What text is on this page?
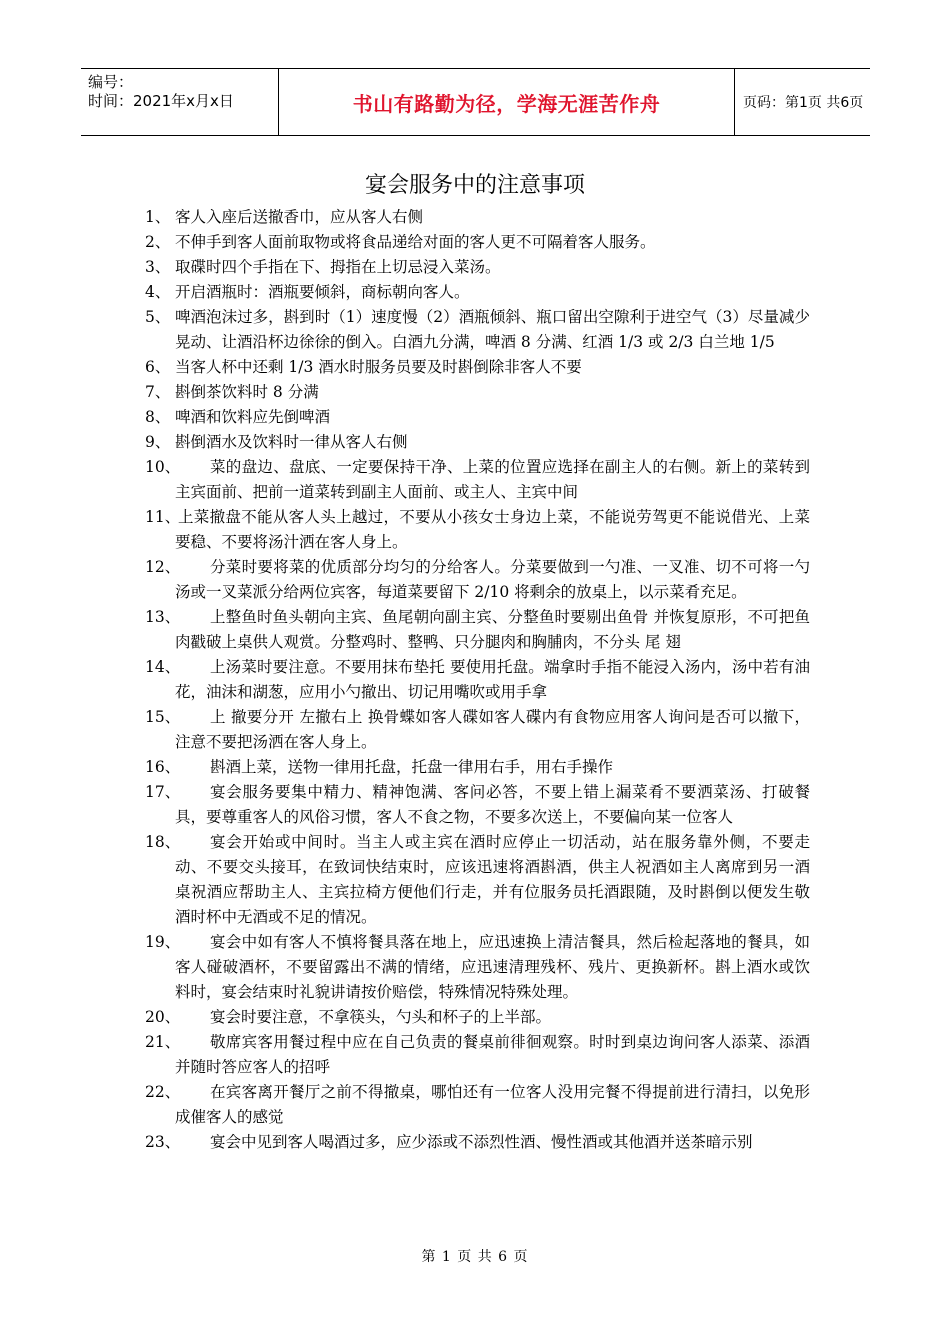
编号：
时间：2021年x月x日	书山有路勤为径，学海无涯苦作舟	页码：第1页 共6页
宴会服务中的注意事项
1、 客人入座后送撤香巾，应从客人右侧
2、 不伸手到客人面前取物或将食品递给对面的客人更不可隔着客人服务。
3、 取碟时四个手指在下、拇指在上切忌浸入菜汤。
4、 开启酒瓶时：酒瓶要倾斜，商标朝向客人。
5、 啤酒泡沫过多，斟到时（1）速度慢（2）酒瓶倾斜、瓶口留出空隙利于进空气（3）尽量减少晃动、让酒沿杯边徐徐的倒入。白酒九分满，啤酒 8 分满、红酒 1/3 或 2/3 白兰地 1/5
6、 当客人杯中还剩 1/3 酒水时服务员要及时斟倒除非客人不要
7、 斟倒茶饮料时 8 分满
8、 啤酒和饮料应先倒啤酒
9、 斟倒酒水及饮料时一律从客人右侧
10、	菜的盘边、盘底、一定要保持干净、上菜的位置应选择在副主人的右侧。新上的菜转到主宾面前、把前一道菜转到副主人面前、或主人、主宾中间
11、
上菜撤盘不能从客人头上越过，不要从小孩女士身边上菜，不能说劳驾更不能说借光、上菜要稳、不要将汤汁洒在客人身上。
12、	分菜时要将菜的优质部分均匀的分给客人。分菜要做到一勺准、一叉准、切不可将一勺汤或一叉菜派分给两位宾客，每道菜要留下 2/10 将剩余的放桌上，以示菜肴充足。
13、	上整鱼时鱼头朝向主宾、鱼尾朝向副主宾、分整鱼时要剔出鱼骨 并恢复原形，不可把鱼肉戳破上桌供人观赏。分整鸡时、整鸭、只分腿肉和胸脯肉，不分头 尾 翅
14、	上汤菜时要注意。不要用抹布垫托 要使用托盘。端拿时手指不能浸入汤内，汤中若有油花，油沫和湖葱，应用小勺撤出、切记用嘴吹或用手拿
15、	上 撤要分开 左撤右上 换骨蝶如客人碟如客人碟内有食物应用客人询问是否可以撤下，注意不要把汤洒在客人身上。
16、	斟酒上菜，送物一律用托盘，托盘一律用右手，用右手操作
17、	宴会服务要集中精力、精神饱满、客问必答，不要上错上漏菜肴不要洒菜汤、打破餐具，要尊重客人的风俗习惯，客人不食之物，不要多次送上，不要偏向某一位客人
18、	宴会开始或中间时。当主人或主宾在酒时应停止一切活动，站在服务靠外侧，不要走动、不要交头接耳，在致词快结束时，应该迅速将酒斟酒，供主人祝酒如主人离席到另一酒桌祝酒应帮助主人、主宾拉椅方便他们行走，并有位服务员托酒跟随，及时斟倒以便发生敬酒时杯中无酒或不足的情况。
19、	宴会中如有客人不慎将餐具落在地上，应迅速换上清洁餐具，然后检起落地的餐具，如客人碰破酒杯，不要留露出不满的情绪，应迅速清理残杯、残片、更换新杯。斟上酒水或饮料时，宴会结束时礼貌讲请按价赔偿，特殊情况特殊处理。
20、	宴会时要注意，不拿筷头，勺头和杯子的上半部。
21、	敬席宾客用餐过程中应在自己负责的餐桌前徘徊观察。时时到桌边询问客人添菜、添酒并随时答应客人的招呼
22、	在宾客离开餐厅之前不得撤桌，哪怕还有一位客人没用完餐不得提前进行清扫，以免形成催客人的感觉
23、	宴会中见到客人喝酒过多，应少添或不添烈性酒、慢性酒或其他酒并送茶暗示别
第 1 页 共 6 页
